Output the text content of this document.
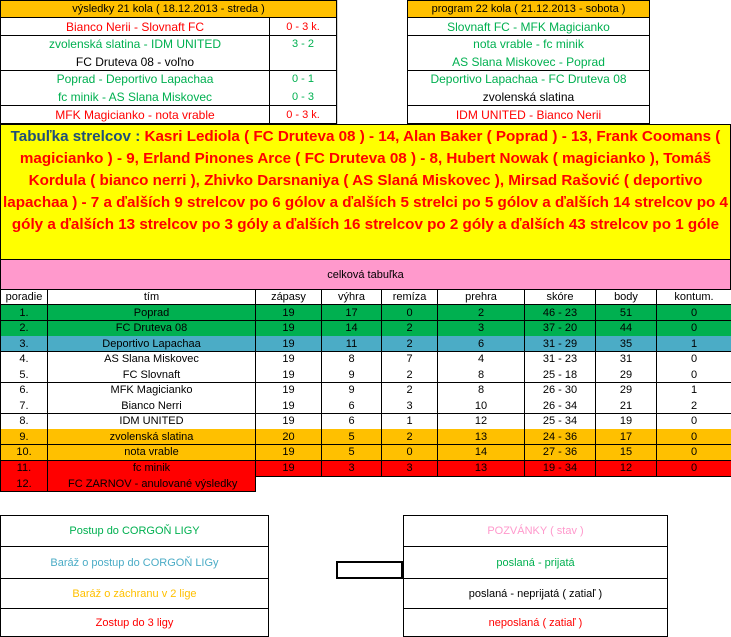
výsledky 21 kola ( 18.12.2013 - streda )
Bianco Nerii - Slovnaft FC	0 - 3 k.
zvolenská slatina - IDM UNITED	3 - 2
FC Druteva 08 - voľno
Poprad - Deportivo Lapachaa	0 - 1
fc minik - AS Slana Miskovec	0 - 3
MFK Magicianko - nota vrable	0 - 3 k.
program 22 kola ( 21.12.2013 - sobota )
Slovnaft FC - MFK Magicianko
nota vrable - fc minik
AS Slana Miskovec - Poprad
Deportivo Lapachaa - FC Druteva 08
zvolenská slatina
IDM UNITED - Bianco Nerii
Tabuľka strelcov : Kasri Lediola ( FC Druteva 08 ) - 14, Alan Baker ( Poprad ) - 13, Frank Coomans ( magicianko ) - 9, Erland Pinones Arce ( FC Druteva 08 ) - 8, Hubert Nowak ( magicianko ), Tomáš Kordula ( bianco nerri ), Zhivko Darsnaniya ( AS Slaná Miskovec ), Mirsad Rašović ( deportivo lapachaa ) - 7 a ďalších 9 strelcov po 6 gólov a ďalších 5 strelci po 5 gólov a ďalších 14 strelcov po 4 góly a ďalších 13 strelcov po 3 góly a ďalších 16 strelcov po 2 góly a ďalších 43 strelcov po 1 góle
celková tabuľka
poradie	tím	zápasy	výhra	remíza	prehra	skóre	body	kontum.
1.	Poprad	19	17	0	2	46 - 23	51	0
2.	FC Druteva 08	19	14	2	3	37 - 20	44	0
3.	Deportivo Lapachaa	19	11	2	6	31 - 29	35	1
4.	AS Slana Miskovec	19	8	7	4	31 - 23	31	0
5.	FC Slovnaft	19	9	2	8	25 - 18	29	0
6.	MFK Magicianko	19	9	2	8	26 - 30	29	1
7.	Bianco Nerri	19	6	3	10	26 - 34	21	2
8.	IDM UNITED	19	6	1	12	25 - 34	19	0
9.	zvolenská slatina	20	5	2	13	24 - 36	17	0
10.	nota vrable	19	5	0	14	27 - 36	15	0
11.	fc minik	19	3	3	13	19 - 34	12	0
12.	FC ZARNOV - anulované výsledky
Postup do CORGOŇ LIGY
Baráž o postup do CORGOŇ LIGy
Baráž o záchranu v 2 lige
Zostup do 3 ligy
POZVÁNKY ( stav )
poslaná - prijatá
poslaná - neprijatá ( zatiaľ )
neposlaná ( zatiaľ )
